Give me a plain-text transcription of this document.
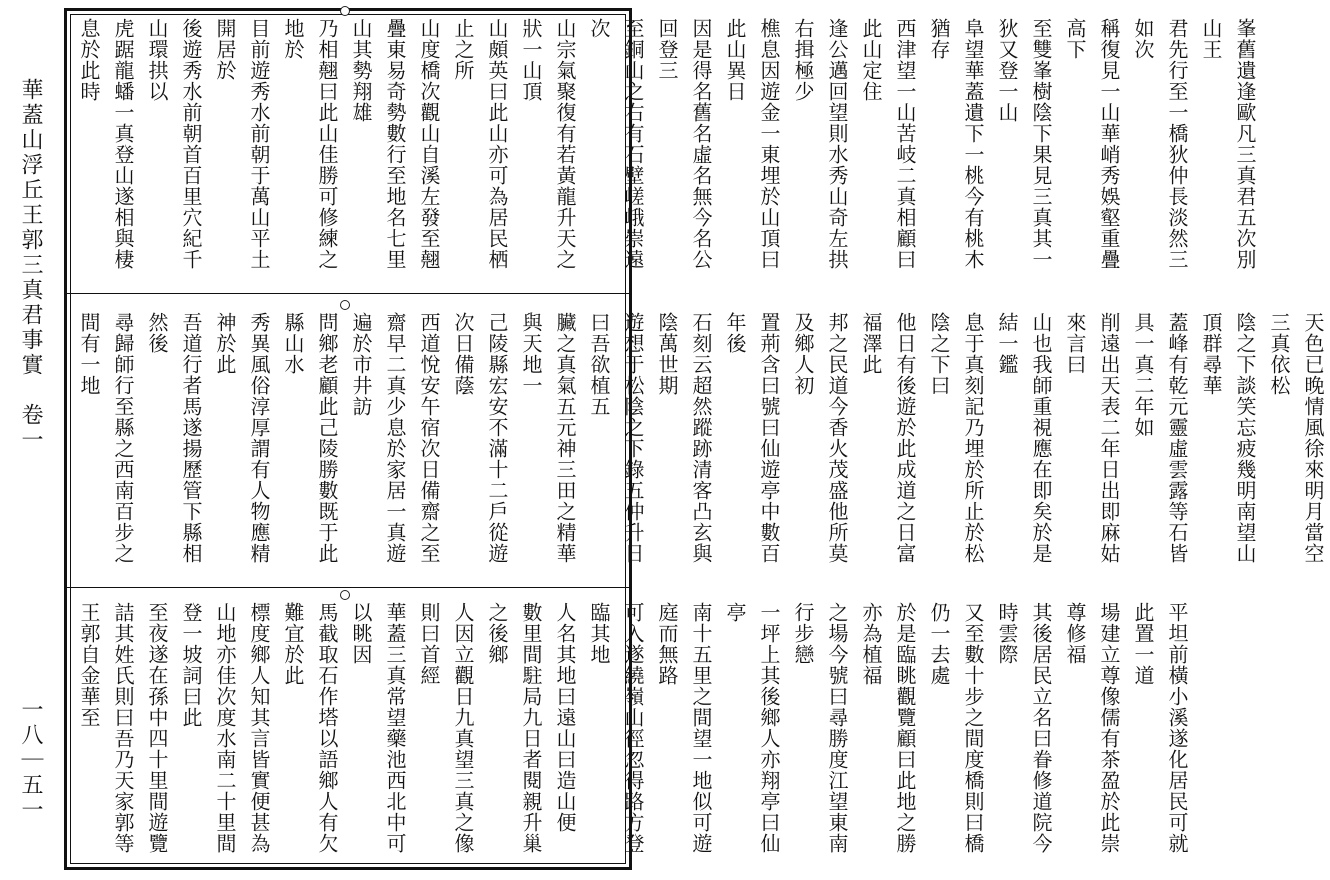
華蓋山浮丘王郭三真君事實　卷一
一八｜五一
峯舊遺逢歐凡三真君五次別山王
君先行至一橋狄仲長淡然三如次
稱復見一山華峭秀娛壑重疊高下
至雙峯樹陰下果見三真其一狄又登一山
阜望華蓋遺下一桃今有桃木猶存
西津望一山苦岐二真相顧曰此山定住
逢公邁回望則水秀山奇左拱右揖極少
樵息因遊金一東埋於山頂曰此山異日
因是得名舊名虛名無今名公回登三
至銅山之右有石壁嵯峨崇遠次
山宗氣聚復有若黃龍升天之狀一山頂
山頗英曰此山亦可為居民栖止之所
山度橋次觀山自溪左發至翹
疊東易奇勢數行至地名七里山其勢翔雄
乃相翹曰此山佳勝可修練之地於
目前遊秀水前朝于萬山平土開居於
後遊秀水前朝首百里穴紀千山環拱以
虎踞龍蟠一真登山遂相與棲息於此時
天色已晚情風徐來明月當空三真依松
陰之下談笑忘疲幾明南望山頂群尋華
蓋峰有乾元靈虛雲露等石皆具一真二年如
削遠出天表二年日出即麻姑來言曰
山也我師重視應在即矣於是結一鑑
息于真刻記乃埋於所止於松陰之下曰
他日有後遊於此成道之日富福澤此
邦之民道今香火茂盛他所莫及鄉人初
置荊含曰號曰仙遊亭中數百年後
石刻云超然蹤跡清客凸玄與陰萬世期
遊想于松陰之下錄五仲升日曰吾欲植五
臟之真氣五元神三田之精華與天地一
己陵縣宏安不滿十二戶從遊次日備蔭
西道悅安午宿次日備齋之至
齋早二真少息於家居一真遊遍於市井訪
問鄉老顧此己陵勝數既于此縣山水
秀異風俗淳厚謂有人物應精神於此
吾道行者馬遂揚歷管下縣相然後
尋歸師行至縣之西南百步之間有一地
平坦前橫小溪遂化居民可就此置一道
場建立尊像儒有茶盈於此崇尊修福
其後居民立名曰眷修道院今時雲際
又至數十步之間度橋則曰橋仍一去處
於是臨眺觀覽顧曰此地之勝亦為植福
之場今號曰尋勝度江望東南行步戀
一坪上其後鄉人亦翔亭曰仙亭
南十五里之間望一地似可遊庭而無路
可入遂繞嶺山徑忽得路方登臨其地
人名其地曰遠山曰造山便
數里間駐局九日者閱親升巢之後鄉
人因立觀日九真望三真之像則曰首經
華蓋三真常望藥池西北中可以眺因
馬截取石作塔以語鄉人有欠難宜於此
標度鄉人知其言皆實便甚為
山地亦佳次度水南二十里間登一坡詞曰此
至夜遂在孫中四十里間遊覽
詰其姓氏則曰吾乃天家郭等王郭自金華至
